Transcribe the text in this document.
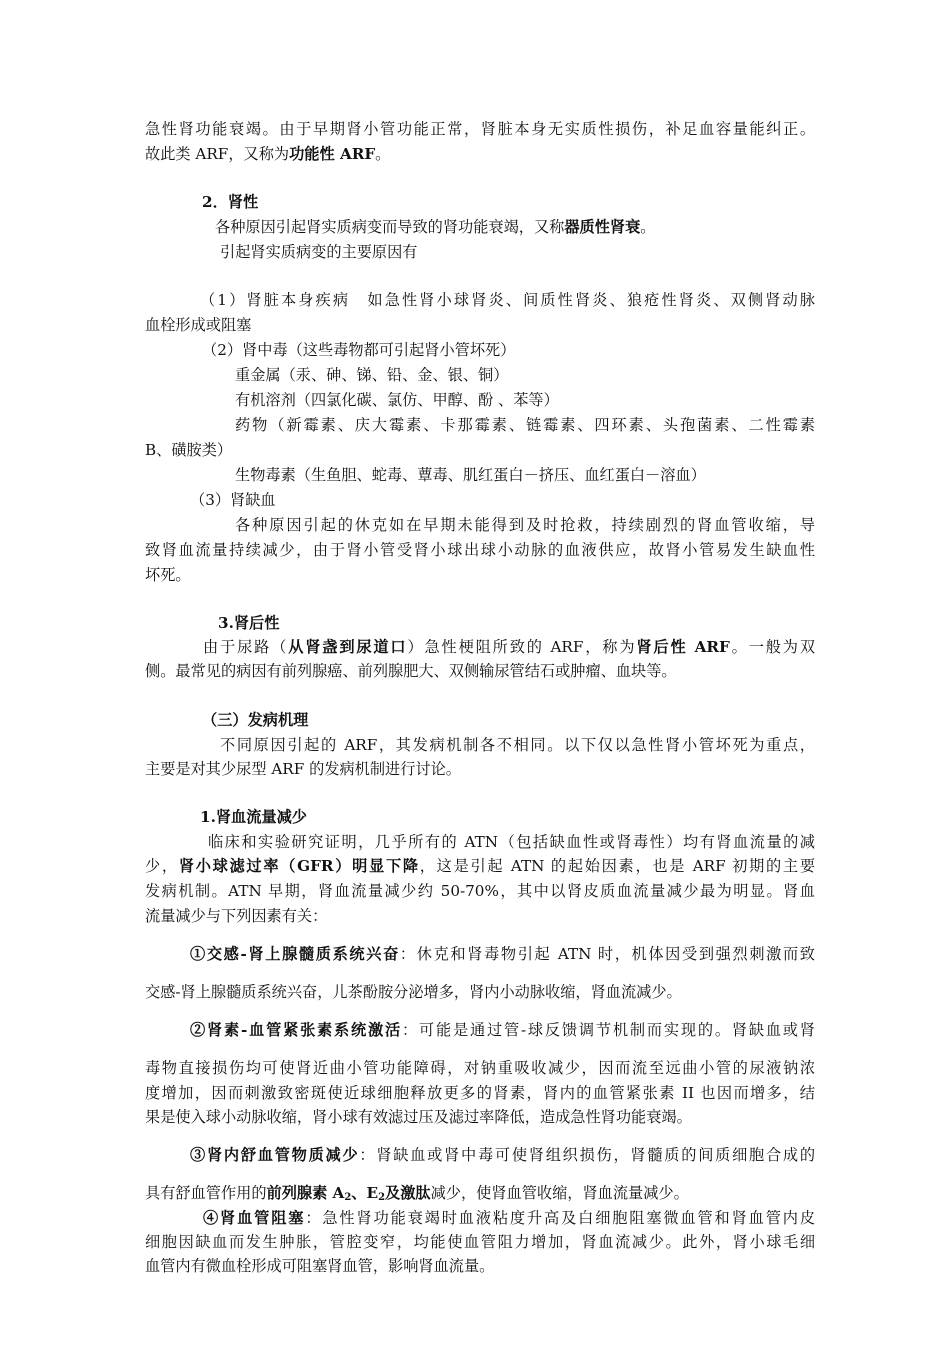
急性肾功能衰竭。由于早期肾小管功能正常，肾脏本身无实质性损伤，补足血容量能纠正。
故此类 ARF，又称为功能性 ARF。
2．肾性
各种原因引起肾实质病变而导致的肾功能衰竭，又称器质性肾衰。
引起肾实质病变的主要原因有
（1）肾脏本身疾病　如急性肾小球肾炎、间质性肾炎、狼疮性肾炎、双侧肾动脉
血栓形成或阻塞
（2）肾中毒（这些毒物都可引起肾小管坏死）
重金属（汞、砷、锑、铅、金、银、铜）
有机溶剂（四氯化碳、氯仿、甲醇、酚 、苯等）
药物（新霉素、庆大霉素、卡那霉素、链霉素、四环素、头孢菌素、二性霉素
B、磺胺类）
生物毒素（生鱼胆、蛇毒、蕈毒、肌红蛋白－挤压、血红蛋白－溶血）
（3）肾缺血
各种原因引起的休克如在早期未能得到及时抢救，持续剧烈的肾血管收缩，导
致肾血流量持续减少，由于肾小管受肾小球出球小动脉的血液供应，故肾小管易发生缺血性
坏死。
3.肾后性
由于尿路（从肾盏到尿道口）急性梗阻所致的 ARF，称为肾后性 ARF。一般为双
侧。最常见的病因有前列腺癌、前列腺肥大、双侧输尿管结石或肿瘤、血块等。
（三）发病机理
不同原因引起的 ARF，其发病机制各不相同。以下仅以急性肾小管坏死为重点，
主要是对其少尿型 ARF 的发病机制进行讨论。
1.肾血流量减少
临床和实验研究证明，几乎所有的 ATN（包括缺血性或肾毒性）均有肾血流量的减
少，肾小球滤过率（GFR）明显下降，这是引起 ATN 的起始因素，也是 ARF 初期的主要
发病机制。ATN 早期，肾血流量减少约 50-70%，其中以肾皮质血流量减少最为明显。肾血
流量减少与下列因素有关：
①交感-肾上腺髓质系统兴奋：休克和肾毒物引起 ATN 时，机体因受到强烈刺激而致
交感-肾上腺髓质系统兴奋，儿茶酚胺分泌增多，肾内小动脉收缩，肾血流减少。
②肾素-血管紧张素系统激活：可能是通过管-球反馈调节机制而实现的。肾缺血或肾
毒物直接损伤均可使肾近曲小管功能障碍，对钠重吸收减少，因而流至远曲小管的尿液钠浓
度增加，因而刺激致密斑使近球细胞释放更多的肾素，肾内的血管紧张素 II 也因而增多，结
果是使入球小动脉收缩，肾小球有效滤过压及滤过率降低，造成急性肾功能衰竭。
③肾内舒血管物质减少：肾缺血或肾中毒可使肾组织损伤，肾髓质的间质细胞合成的
具有舒血管作用的前列腺素 $A_2$、$E_2$及激肽减少，使肾血管收缩，肾血流量减少。
④肾血管阻塞：急性肾功能衰竭时血液粘度升高及白细胞阻塞微血管和肾血管内皮
细胞因缺血而发生肿胀，管腔变窄，均能使血管阻力增加，肾血流减少。此外，肾小球毛细
血管内有微血栓形成可阻塞肾血管，影响肾血流量。
